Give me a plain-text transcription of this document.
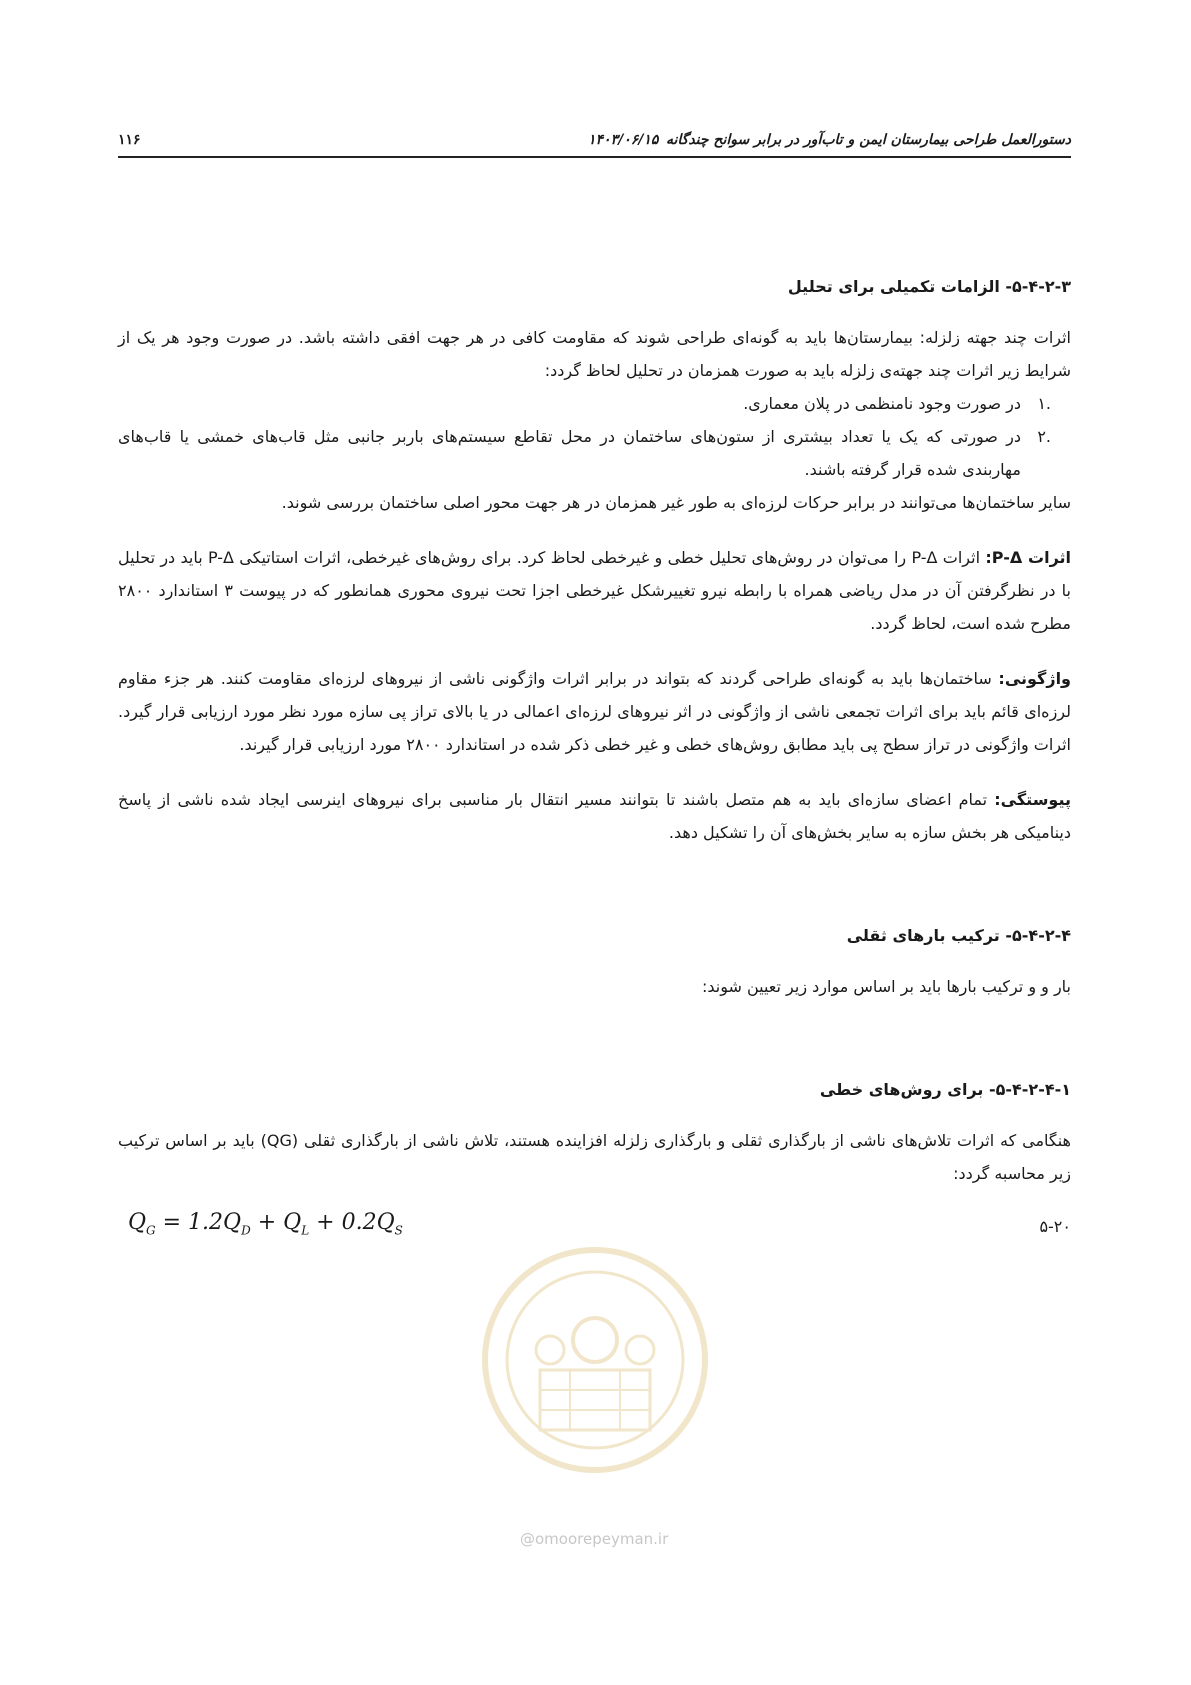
دستورالعمل طراحی بیمارستان ایمن و تاب‌آور در برابر سوانح چندگانه
۱۴۰۳/۰۶/۱۵
۱۱۶
۵-۴-۲-۳- الزامات تکمیلی برای تحلیل

اثرات چند جهته زلزله: بیمارستان‌ها باید به گونه‌ای طراحی شوند که مقاومت کافی در هر جهت افقی داشته باشد. در صورت وجود هر یک از شرایط زیر اثرات چند جهته‌ی زلزله باید به صورت همزمان در تحلیل لحاظ گردد:

.۱
در صورت وجود نامنظمی در پلان معماری.
.۲
در صورتی که یک یا تعداد بیشتری از ستون‌های ساختمان در محل تقاطع سیستم‌های باربر جانبی مثل قاب‌های خمشی یا قاب‌های مهاربندی شده قرار گرفته باشند.

سایر ساختمان‌ها می‌توانند در برابر حرکات لرزه‌ای به طور غیر همزمان در هر جهت محور اصلی ساختمان بررسی شوند.

اثرات P-Δ: اثرات P-Δ را می‌توان در روش‌های تحلیل خطی و غیرخطی لحاظ کرد. برای روش‌های غیرخطی، اثرات استاتیکی P-Δ باید در تحلیل با در نظرگرفتن آن در مدل ریاضی همراه با رابطه نیرو تغییرشکل غیرخطی اجزا تحت نیروی محوری همانطور که در پیوست ۳ استاندارد ۲۸۰۰ مطرح شده است، لحاظ گردد.

واژگونی: ساختمان‌ها باید به گونه‌ای طراحی گردند که بتواند در برابر اثرات واژگونی ناشی از نیروهای لرزه‌ای مقاومت کنند. هر جزء مقاوم لرزه‌ای قائم باید برای اثرات تجمعی ناشی از واژگونی در اثر نیروهای لرزه‌ای اعمالی در یا بالای تراز پی سازه مورد نظر مورد ارزیابی قرار گیرد. اثرات واژگونی در تراز سطح پی باید مطابق روش‌های خطی و غیر خطی ذکر شده در استاندارد ۲۸۰۰ مورد ارزیابی قرار گیرند.

پیوستگی: تمام اعضای سازه‌ای باید به هم متصل باشند تا بتوانند مسیر انتقال بار مناسبی برای نیروهای اینرسی ایجاد شده ناشی از پاسخ دینامیکی هر بخش سازه به سایر بخش‌های آن را تشکیل دهد.

۵-۴-۲-۴- ترکیب بارهای ثقلی

بار و و ترکیب بارها باید بر اساس موارد زیر تعیین شوند:

۵-۴-۲-۴-۱- برای روش‌های خطی

هنگامی که اثرات تلاش‌های ناشی از بارگذاری ثقلی و بارگذاری زلزله افزاینده هستند، تلاش ناشی از بارگذاری ثقلی (QG) باید بر اساس ترکیب زیر محاسبه گردد:

۵-۲۰
$Q_G = 1.2Q_D + Q_L + 0.2Q_S$
@omoorepeyman.ir
